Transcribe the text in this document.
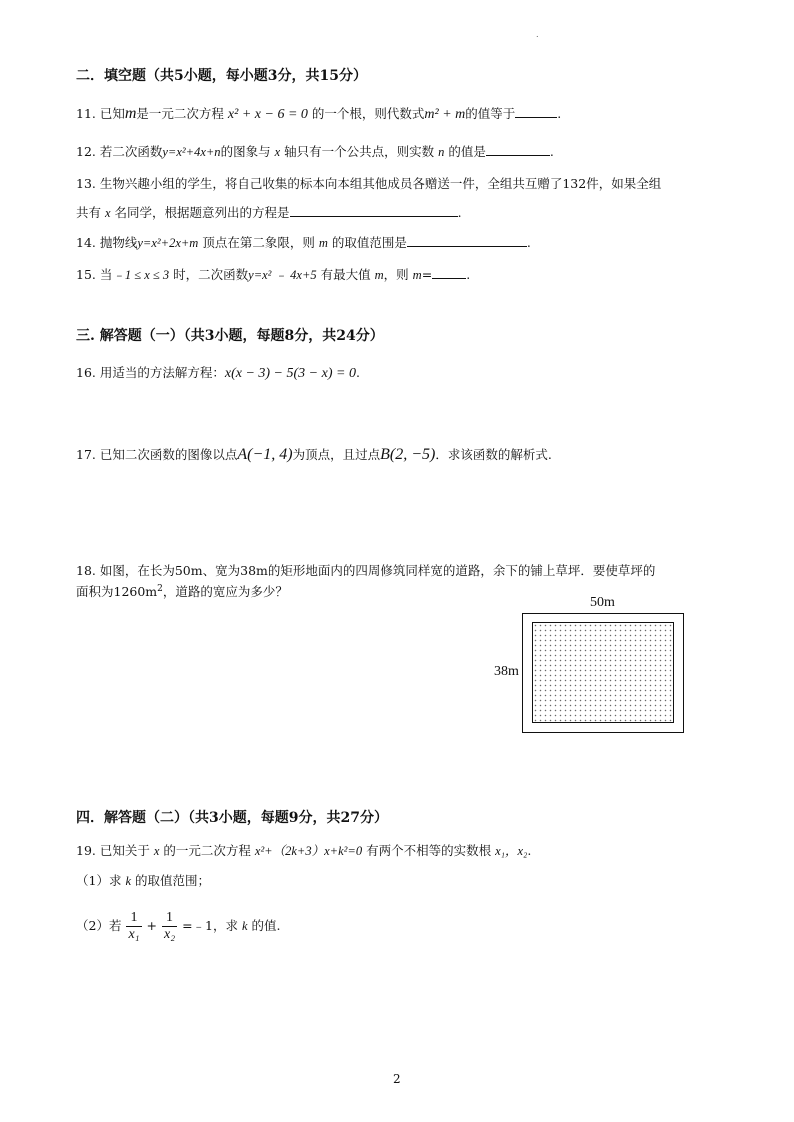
.
二．填空题（共5小题，每小题3分，共15分）
11. 已知m是一元二次方程 x² + x − 6 = 0 的一个根，则代数式m² + m的值等于	.
12. 若二次函数y=x²+4x+n的图象与 x 轴只有一个公共点，则实数 n 的值是	.
13. 生物兴趣小组的学生，将自己收集的标本向本组其他成员各赠送一件，全组共互赠了132件，如果全组
共有 x 名同学，根据题意列出的方程是	.
14. 抛物线y=x²+2x+m 顶点在第二象限，则 m 的取值范围是	.
15. 当﹣1 ≤ x ≤ 3 时，二次函数y=x² ﹣ 4x+5 有最大值 m，则 m=	.
三. 解答题（一）（共3小题，每题8分，共24分）
16. 用适当的方法解方程：x(x − 3) − 5(3 − x) = 0.
17. 已知二次函数的图像以点A(−1, 4)为顶点，且过点B(2, −5)．求该函数的解析式.
18. 如图，在长为50m、宽为38m的矩形地面内的四周修筑同样宽的道路，余下的铺上草坪．要使草坪的
面积为$1260m^2$，道路的宽应为多少？
50m
38m
四．解答题（二）（共3小题，每题9分，共27分）
19. 已知关于 x 的一元二次方程 x²+（2k+3）x+k²=0 有两个不相等的实数根 x₁，x₂.
（1）求 k 的取值范围；
（2）若 $\frac{1}{\text{x₁}} + \frac{1}{\text{x₂}}$ =﹣1，求 k 的值.
2
